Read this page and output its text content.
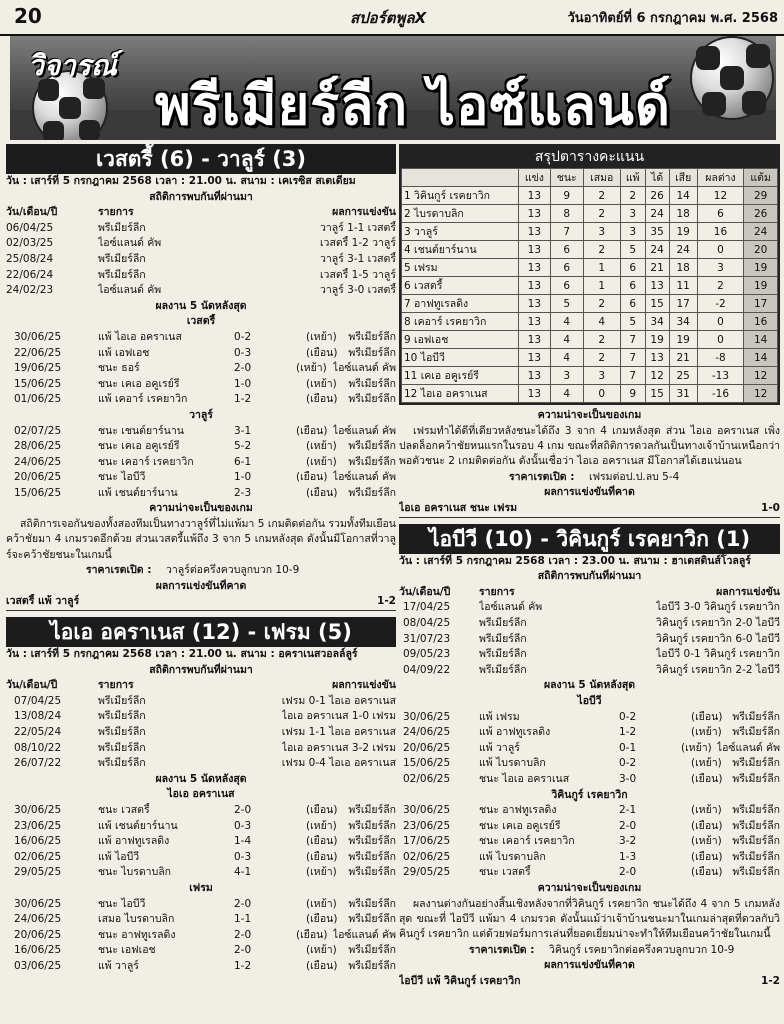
20	สปอร์ตพูลX	วันอาทิตย์ที่ 6 กรกฎาคม พ.ศ. 2568
วิจารณ์
พรีเมียร์ลีก ไอซ์แลนด์
เวสตรี้ (6) - วาลูร์ (3)
วัน : เสาร์ที่ 5 กรกฎาคม 2568 เวลา : 21.00 น. สนาม : เคเรซิส สเตเดียม
สถิติการพบกันที่ผ่านมา
วัน/เดือน/ปี	รายการ	ผลการแข่งขัน
06/04/25	พรีเมียร์ลีก	วาลูร์ 1-1 เวสตรี้
02/03/25	ไอซ์แลนด์ คัพ	เวสตรี้ 1-2 วาลูร์
25/08/24	พรีเมียร์ลีก	วาลูร์ 3-1 เวสตรี้
22/06/24	พรีเมียร์ลีก	เวสตรี้ 1-5 วาลูร์
24/02/23	ไอซ์แลนด์ คัพ	วาลูร์ 3-0 เวสตรี้
ผลงาน 5 นัดหลังสุด
เวสตรี้
30/06/25	แพ้ ไอเอ อคราเนส	0-2	(เหย้า) พรีเมียร์ลีก
22/06/25	แพ้ เอฟเอช	0-3	(เยือน) พรีเมียร์ลีก
19/06/25	ชนะ ธอร์	2-0	(เหย้า) ไอซ์แลนด์ คัพ
15/06/25	ชนะ เคเอ อคูเรย์รี	1-0	(เหย้า) พรีเมียร์ลีก
01/06/25	แพ้ เคอาร์ เรคยาวิก	1-2	(เยือน) พรีเมียร์ลีก
วาลูร์
02/07/25	ชนะ เชนต์ยาร์นาน	3-1	(เยือน) ไอซ์แลนด์ คัพ
28/06/25	ชนะ เคเอ อคูเรย์รี	5-2	(เหย้า) พรีเมียร์ลีก
24/06/25	ชนะ เคอาร์ เรคยาวิก	6-1	(เหย้า) พรีเมียร์ลีก
20/06/25	ชนะ ไอบีวี	1-0	(เยือน) ไอซ์แลนด์ คัพ
15/06/25	แพ้ เชนต์ยาร์นาน	2-3	(เยือน) พรีเมียร์ลีก
ความน่าจะเป็นของเกม
สถิติการเจอกันของทั้งสองทีมเป็นทางวาลูร์ที่ไม่แพ้มา 5 เกมติดต่อกัน รวมทั้งทีมเยือนคว้าชัยมา 4 เกมรวดอีกด้วย ส่วนเวสตรี้แพ้ถึง 3 จาก 5 เกมหลังสุด ดังนั้นมีโอกาสที่วาลูร์จะคว้าชัยชนะในเกมนี้
ราคาเรตเปิด : วาลูร์ต่อครึ่งควบลูกบวก 10-9
ผลการแข่งขันที่คาด
เวสตรี้ แพ้ วาลูร์	1-2
ไอเอ อคราเนส (12) - เฟรม (5)
วัน : เสาร์ที่ 5 กรกฎาคม 2568 เวลา : 21.00 น. สนาม : อคราเนสวอลล์ลูร์
สถิติการพบกันที่ผ่านมา
วัน/เดือน/ปี	รายการ	ผลการแข่งขัน
07/04/25	พรีเมียร์ลีก	เฟรม 0-1 ไอเอ อคราเนส
13/08/24	พรีเมียร์ลีก	ไอเอ อคราเนส 1-0 เฟรม
22/05/24	พรีเมียร์ลีก	เฟรม 1-1 ไอเอ อคราเนส
08/10/22	พรีเมียร์ลีก	ไอเอ อคราเนส 3-2 เฟรม
26/07/22	พรีเมียร์ลีก	เฟรม 0-4 ไอเอ อคราเนส
ผลงาน 5 นัดหลังสุด
ไอเอ อคราเนส
30/06/25	ชนะ เวสตรี้	2-0	(เยือน) พรีเมียร์ลีก
23/06/25	แพ้ เชนต์ยาร์นาน	0-3	(เหย้า) พรีเมียร์ลีก
16/06/25	แพ้ อาฟทูเรลดิง	1-4	(เยือน) พรีเมียร์ลีก
02/06/25	แพ้ ไอบีวี	0-3	(เยือน) พรีเมียร์ลีก
29/05/25	ชนะ ไบรดาบลิก	4-1	(เหย้า) พรีเมียร์ลีก
เฟรม
30/06/25	ชนะ ไอบีวี	2-0	(เหย้า) พรีเมียร์ลีก
24/06/25	เสมอ ไบรดาบลิก	1-1	(เยือน) พรีเมียร์ลีก
20/06/25	ชนะ อาฟทูเรลดิง	2-0	(เยือน) ไอซ์แลนด์ คัพ
16/06/25	ชนะ เอฟเอช	2-0	(เหย้า) พรีเมียร์ลีก
03/06/25	แพ้ วาลูร์	1-2	(เยือน) พรีเมียร์ลีก
สรุปตารางคะแนน
	แข่ง	ชนะ	เสมอ	แพ้	ได้	เสีย	ผลต่าง	แต้ม
1 วิคินกูร์ เรคยาวิก	13	9	2	2	26	14	12	29
2 ไบรดาบลิก	13	8	2	3	24	18	6	26
3 วาลูร์	13	7	3	3	35	19	16	24
4 เชนต์ยาร์นาน	13	6	2	5	24	24	0	20
5 เฟรม	13	6	1	6	21	18	3	19
6 เวสตรี้	13	6	1	6	13	11	2	19
7 อาฟทูเรลดิง	13	5	2	6	15	17	-2	17
8 เคอาร์ เรคยาวิก	13	4	4	5	34	34	0	16
9 เอฟเอช	13	4	2	7	19	19	0	14
10 ไอบีวี	13	4	2	7	13	21	-8	14
11 เคเอ อคูเรย์รี	13	3	3	7	12	25	-13	12
12 ไอเอ อคราเนส	13	4	0	9	15	31	-16	12
ความน่าจะเป็นของเกม
เฟรมทำได้ดีที่เดียวหลังชนะได้ถึง 3 จาก 4 เกมหลังสุด ส่วน ไอเอ อคราเนส เพิ่งปลดล็อกคว้าชัยหนแรกในรอบ 4 เกม ขณะที่สถิติการดวลกันเป็นทางเจ้าบ้านเหนือกว่าพอตัวชนะ 2 เกมติดต่อกัน ดังนั้นเชื่อว่า ไอเอ อคราเนส มีโอกาสได้เฮแน่นอน
ราคาเรตเปิด : เฟรมต่อป.ป.ลบ 5-4
ผลการแข่งขันที่คาด
ไอเอ อคราเนส ชนะ เฟรม	1-0
ไอบีวี (10) - วิคินกูร์ เรคยาวิก (1)
วัน : เสาร์ที่ 5 กรกฎาคม 2568 เวลา : 23.00 น. สนาม : ฮาเตสตินส์โวลลูร์
สถิติการพบกันที่ผ่านมา
วัน/เดือน/ปี	รายการ	ผลการแข่งขัน
17/04/25	ไอซ์แลนด์ คัพ	ไอบีวี 3-0 วิคินกูร์ เรคยาวิก
08/04/25	พรีเมียร์ลีก	วิคินกูร์ เรคยาวิก 2-0 ไอบีวี
31/07/23	พรีเมียร์ลีก	วิคินกูร์ เรคยาวิก 6-0 ไอบีวี
09/05/23	พรีเมียร์ลีก	ไอบีวี 0-1 วิคินกูร์ เรคยาวิก
04/09/22	พรีเมียร์ลีก	วิคินกูร์ เรคยาวิก 2-2 ไอบีวี
ผลงาน 5 นัดหลังสุด
ไอบีวี
30/06/25	แพ้ เฟรม	0-2	(เยือน) พรีเมียร์ลีก
24/06/25	แพ้ อาฟทูเรลดิง	1-2	(เหย้า) พรีเมียร์ลีก
20/06/25	แพ้ วาลูร์	0-1	(เหย้า) ไอซ์แลนด์ คัพ
15/06/25	แพ้ ไบรดาบลิก	0-2	(เหย้า) พรีเมียร์ลีก
02/06/25	ชนะ ไอเอ อคราเนส	3-0	(เยือน) พรีเมียร์ลีก
วิคินกูร์ เรคยาวิก
30/06/25	ชนะ อาฟทูเรลดิง	2-1	(เหย้า) พรีเมียร์ลีก
23/06/25	ชนะ เคเอ อคูเรย์รี	2-0	(เยือน) พรีเมียร์ลีก
17/06/25	ชนะ เคอาร์ เรคยาวิก	3-2	(เหย้า) พรีเมียร์ลีก
02/06/25	แพ้ ไบรดาบลิก	1-3	(เยือน) พรีเมียร์ลีก
29/05/25	ชนะ เวสตรี้	2-0	(เยือน) พรีเมียร์ลีก
ความน่าจะเป็นของเกม
ผลงานต่างกันอย่างสิ้นเชิงหลังจากที่วิคินกูร์ เรคยาวิก ชนะได้ถึง 4 จาก 5 เกมหลังสุด ขณะที่ ไอบีวี แพ้มา 4 เกมรวด ดังนั้นแม้ว่าเจ้าบ้านชนะมาในเกมล่าสุดที่ดวลกับวิคินกูร์ เรคยาวิก แต่ด้วยฟอร์มการเล่นที่ยอดเยี่ยมน่าจะทำให้ทีมเยือนคว้าชัยในเกมนี้
ราคาเรตเปิด : วิคินกูร์ เรคยาวิกต่อครึ่งควบลูกบวก 10-9
ผลการแข่งขันที่คาด
ไอบีวี แพ้ วิคินกูร์ เรคยาวิก	1-2
